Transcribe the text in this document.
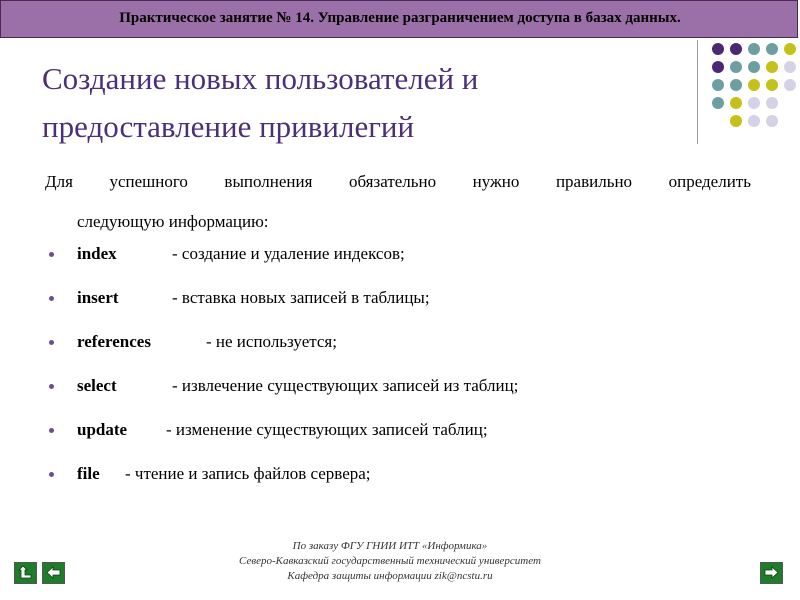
Практическое занятие № 14. Управление разграничением доступа в базах данных.
Создание новых пользователей и
предоставление привилегий
Для успешного выполнения обязательно нужно правильно определить
следующую информацию:
index	- создание и удаление индексов;
insert	- вставка новых записей в таблицы;
references	- не используется;
select	- извлечение существующих записей из таблиц;
update - изменение существующих записей таблиц;
file - чтение и запись файлов сервера;
По заказу ФГУ ГНИИ ИТТ «Информика»
Северо-Кавказский государственный технический университет
Кафедра защиты информации zik@ncstu.ru
